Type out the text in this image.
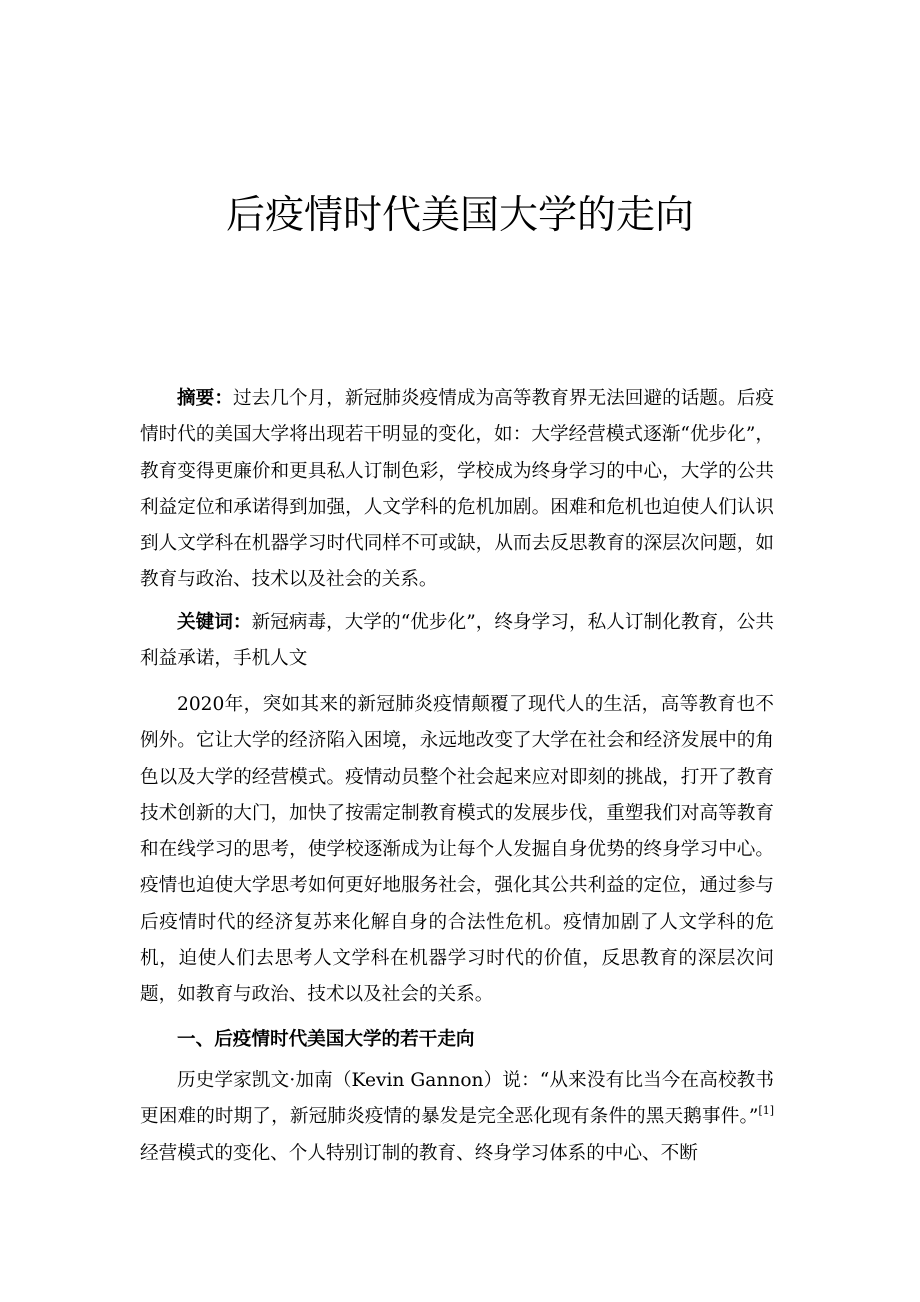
后疫情时代美国大学的走向

摘要：过去几个月，新冠肺炎疫情成为高等教育界无法回避的话题。后疫情时代的美国大学将出现若干明显的变化，如：大学经营模式逐渐“优步化”，教育变得更廉价和更具私人订制色彩，学校成为终身学习的中心，大学的公共利益定位和承诺得到加强，人文学科的危机加剧。困难和危机也迫使人们认识到人文学科在机器学习时代同样不可或缺，从而去反思教育的深层次问题，如教育与政治、技术以及社会的关系。

关键词：新冠病毒，大学的“优步化”，终身学习，私人订制化教育，公共利益承诺，手机人文

2020年，突如其来的新冠肺炎疫情颠覆了现代人的生活，高等教育也不例外。它让大学的经济陷入困境，永远地改变了大学在社会和经济发展中的角色以及大学的经营模式。疫情动员整个社会起来应对即刻的挑战，打开了教育技术创新的大门，加快了按需定制教育模式的发展步伐，重塑我们对高等教育和在线学习的思考，使学校逐渐成为让每个人发掘自身优势的终身学习中心。疫情也迫使大学思考如何更好地服务社会，强化其公共利益的定位，通过参与后疫情时代的经济复苏来化解自身的合法性危机。疫情加剧了人文学科的危机，迫使人们去思考人文学科在机器学习时代的价值，反思教育的深层次问题，如教育与政治、技术以及社会的关系。

一、后疫情时代美国大学的若干走向

历史学家凯文·加南（Kevin Gannon）说：“从来没有比当今在高校教书更困难的时期了，新冠肺炎疫情的暴发是完全恶化现有条件的黑天鹅事件。”[1]经营模式的变化、个人特别订制的教育、终身学习体系的中心、不断
